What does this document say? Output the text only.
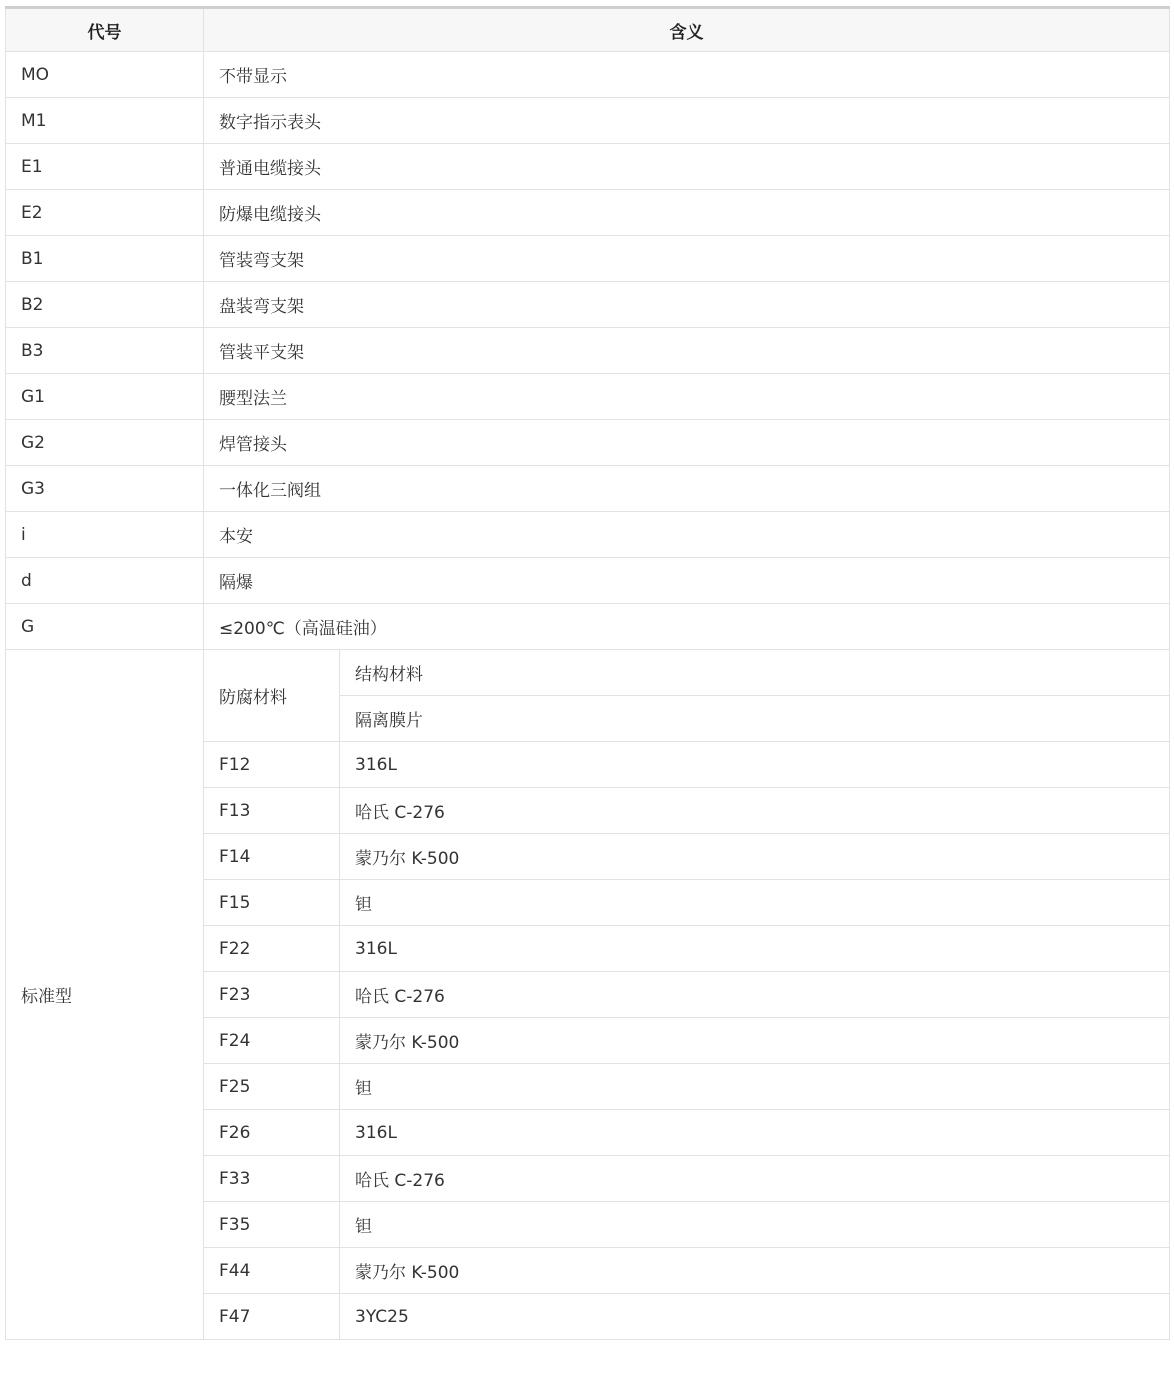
代号	含义	
MO	不带显示	
M1	数字指示表头	
E1	普通电缆接头	
E2	防爆电缆接头	
B1	管装弯支架	
B2	盘装弯支架	
B3	管装平支架	
G1	腰型法兰	
G2	焊管接头	
G3	一体化三阀组	
i	本安	
d	隔爆	
G	≤200℃（高温硅油）	
标准型	防腐材料	结构材料
		隔离膜片
	F12	316L
	F13	哈氏 C-276
	F14	蒙乃尔 K-500
	F15	钽
	F22	316L
	F23	哈氏 C-276
	F24	蒙乃尔 K-500
	F25	钽
	F26	316L
	F33	哈氏 C-276
	F35	钽
	F44	蒙乃尔 K-500
	F47	3YC25
